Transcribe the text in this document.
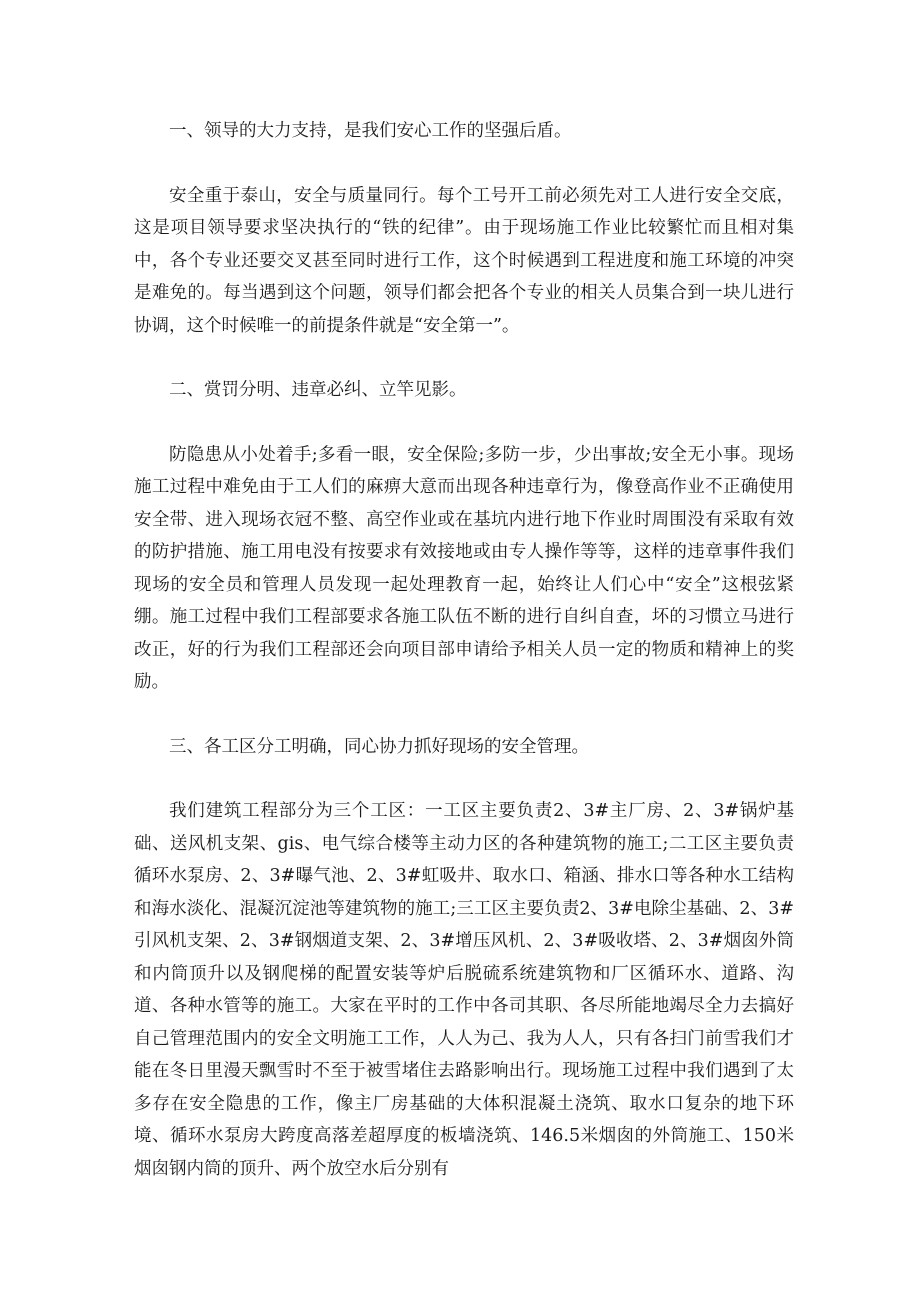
一、领导的大力支持，是我们安心工作的坚强后盾。

安全重于泰山，安全与质量同行。每个工号开工前必须先对工人进行安全交底，这是项目领导要求坚决执行的“铁的纪律”。由于现场施工作业比较繁忙而且相对集中，各个专业还要交叉甚至同时进行工作，这个时候遇到工程进度和施工环境的冲突是难免的。每当遇到这个问题，领导们都会把各个专业的相关人员集合到一块儿进行协调，这个时候唯一的前提条件就是“安全第一”。

二、赏罚分明、违章必纠、立竿见影。

防隐患从小处着手;多看一眼，安全保险;多防一步，少出事故;安全无小事。现场施工过程中难免由于工人们的麻痹大意而出现各种违章行为，像登高作业不正确使用安全带、进入现场衣冠不整、高空作业或在基坑内进行地下作业时周围没有采取有效的防护措施、施工用电没有按要求有效接地或由专人操作等等，这样的违章事件我们现场的安全员和管理人员发现一起处理教育一起，始终让人们心中“安全”这根弦紧绷。施工过程中我们工程部要求各施工队伍不断的进行自纠自查，坏的习惯立马进行改正，好的行为我们工程部还会向项目部申请给予相关人员一定的物质和精神上的奖励。

三、各工区分工明确，同心协力抓好现场的安全管理。

我们建筑工程部分为三个工区：一工区主要负责2、3#主厂房、2、3#锅炉基础、送风机支架、gis、电气综合楼等主动力区的各种建筑物的施工;二工区主要负责循环水泵房、2、3#曝气池、2、3#虹吸井、取水口、箱涵、排水口等各种水工结构和海水淡化、混凝沉淀池等建筑物的施工;三工区主要负责2、3#电除尘基础、2、3#引风机支架、2、3#钢烟道支架、2、3#增压风机、2、3#吸收塔、2、3#烟囱外筒和内筒顶升以及钢爬梯的配置安装等炉后脱硫系统建筑物和厂区循环水、道路、沟道、各种水管等的施工。大家在平时的工作中各司其职、各尽所能地竭尽全力去搞好自己管理范围内的安全文明施工工作，人人为己、我为人人，只有各扫门前雪我们才能在冬日里漫天飘雪时不至于被雪堵住去路影响出行。现场施工过程中我们遇到了太多存在安全隐患的工作，像主厂房基础的大体积混凝土浇筑、取水口复杂的地下环境、循环水泵房大跨度高落差超厚度的板墙浇筑、146.5米烟囱的外筒施工、150米烟囱钢内筒的顶升、两个放空水后分别有
